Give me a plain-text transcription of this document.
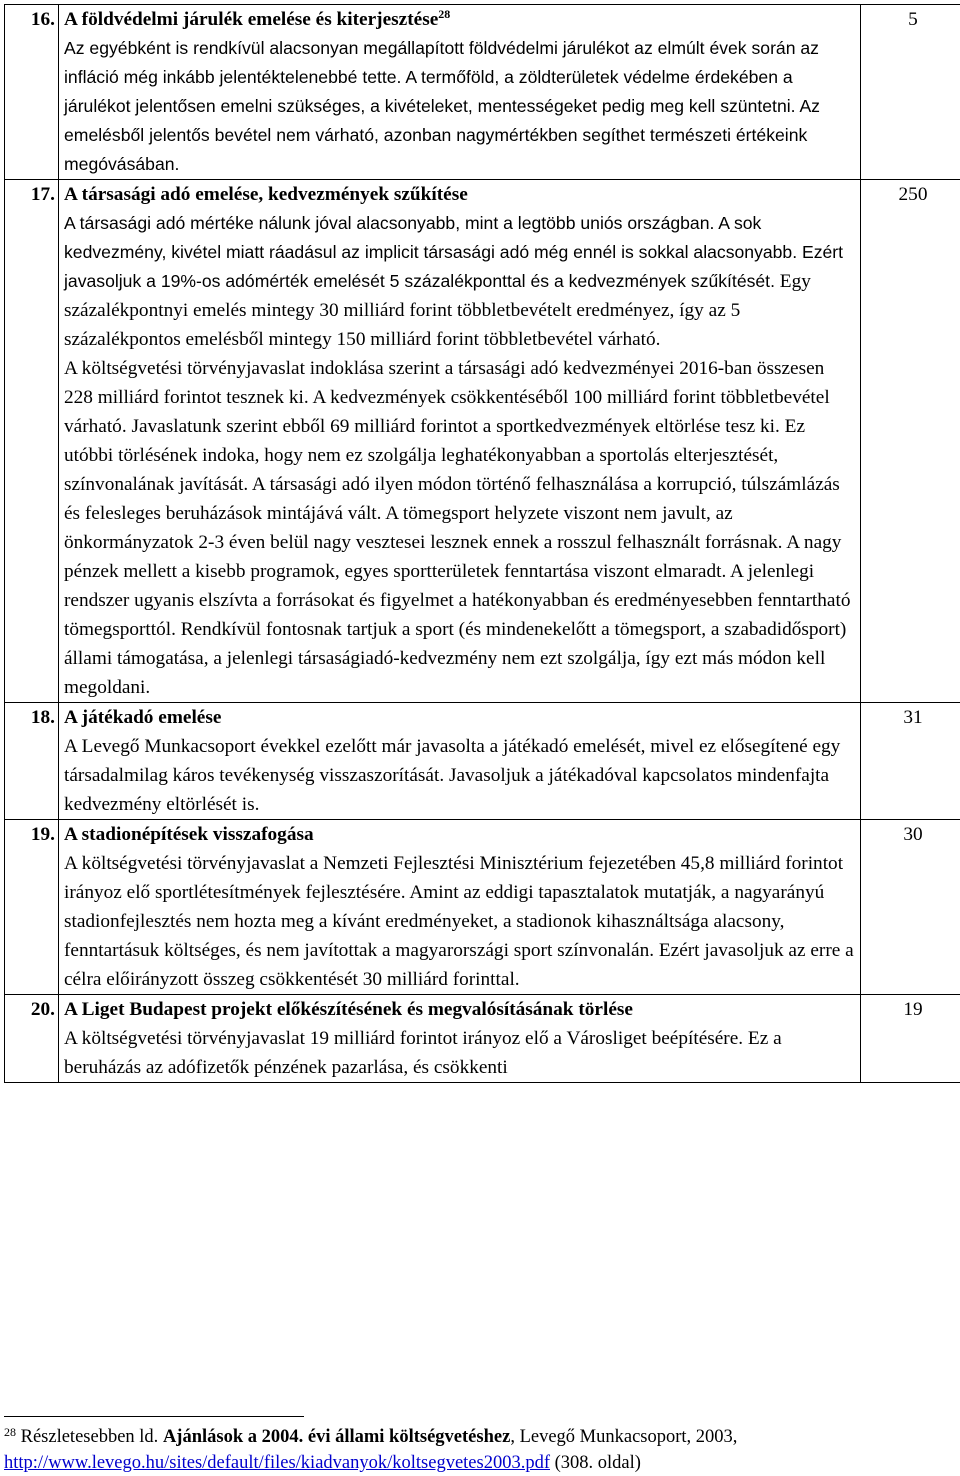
16.	A földvédelmi járulék emelése és kiterjesztése$^{28}$
Az egyébként is rendkívül alacsonyan megállapított földvédelmi járulékot az elmúlt évek során az infláció még inkább jelentéktelenebbé tette. A termőföld, a zöldterületek védelme érdekében a járulékot jelentősen emelni szükséges, a kivételeket, mentességeket pedig meg kell szüntetni. Az emelésből jelentős bevétel nem várható, azonban nagymértékben segíthet természeti értékeink megóvásában.	5
17.	A társasági adó emelése, kedvezmények szűkítése
A társasági adó mértéke nálunk jóval alacsonyabb, mint a legtöbb uniós országban. A sok kedvezmény, kivétel miatt ráadásul az implicit társasági adó még ennél is sokkal alacsonyabb. Ezért javasoljuk a 19%-os adómérték emelését 5 százalékponttal és a kedvezmények szűkítését. Egy százalékpontnyi emelés mintegy 30 milliárd forint többletbevételt eredményez, így az 5 százalékpontos emelésből mintegy 150 milliárd forint többletbevétel várható.
A költségvetési törvényjavaslat indoklása szerint a társasági adó kedvezményei 2016-ban összesen 228 milliárd forintot tesznek ki. A kedvezmények csökkentéséből 100 milliárd forint többletbevétel várható. Javaslatunk szerint ebből 69 milliárd forintot a sportkedvezmények eltörlése tesz ki. Ez utóbbi törlésének indoka, hogy nem ez szolgálja leghatékonyabban a sportolás elterjesztését, színvonalának javítását. A társasági adó ilyen módon történő felhasználása a korrupció, túlszámlázás és felesleges beruházások mintájává vált. A tömegsport helyzete viszont nem javult, az önkormányzatok 2-3 éven belül nagy vesztesei lesznek ennek a rosszul felhasznált forrásnak. A nagy pénzek mellett a kisebb programok, egyes sportterületek fenntartása viszont elmaradt. A jelenlegi rendszer ugyanis elszívta a forrásokat és figyelmet a hatékonyabban és eredményesebben fenntartható tömegsporttól. Rendkívül fontosnak tartjuk a sport (és mindenekelőtt a tömegsport, a szabadidősport) állami támogatása, a jelenlegi társaságiadó-kedvezmény nem ezt szolgálja, így ezt más módon kell megoldani.	250
18.	A játékadó emelése
A Levegő Munkacsoport évekkel ezelőtt már javasolta a játékadó emelését, mivel ez elősegítené egy társadalmilag káros tevékenység visszaszorítását. Javasoljuk a játékadóval kapcsolatos mindenfajta kedvezmény eltörlését is.	31
19.	A stadionépítések visszafogása
A költségvetési törvényjavaslat a Nemzeti Fejlesztési Minisztérium fejezetében 45,8 milliárd forintot irányoz elő sportlétesítmények fejlesztésére. Amint az eddigi tapasztalatok mutatják, a nagyarányú stadionfejlesztés nem hozta meg a kívánt eredményeket, a stadionok kihasználtsága alacsony, fenntartásuk költséges, és nem javítottak a magyarországi sport színvonalán. Ezért javasoljuk az erre a célra előirányzott összeg csökkentését 30 milliárd forinttal.	30
20.	A Liget Budapest projekt előkészítésének és megvalósításának törlése
A költségvetési törvényjavaslat 19 milliárd forintot irányoz elő a Városliget beépítésére. Ez a beruházás az adófizetők pénzének pazarlása, és csökkenti	19
$^{28}$ Részletesebben ld. Ajánlások a 2004. évi állami költségvetéshez, Levegő Munkacsoport, 2003,
http://www.levego.hu/sites/default/files/kiadvanyok/koltsegvetes2003.pdf (308. oldal)
